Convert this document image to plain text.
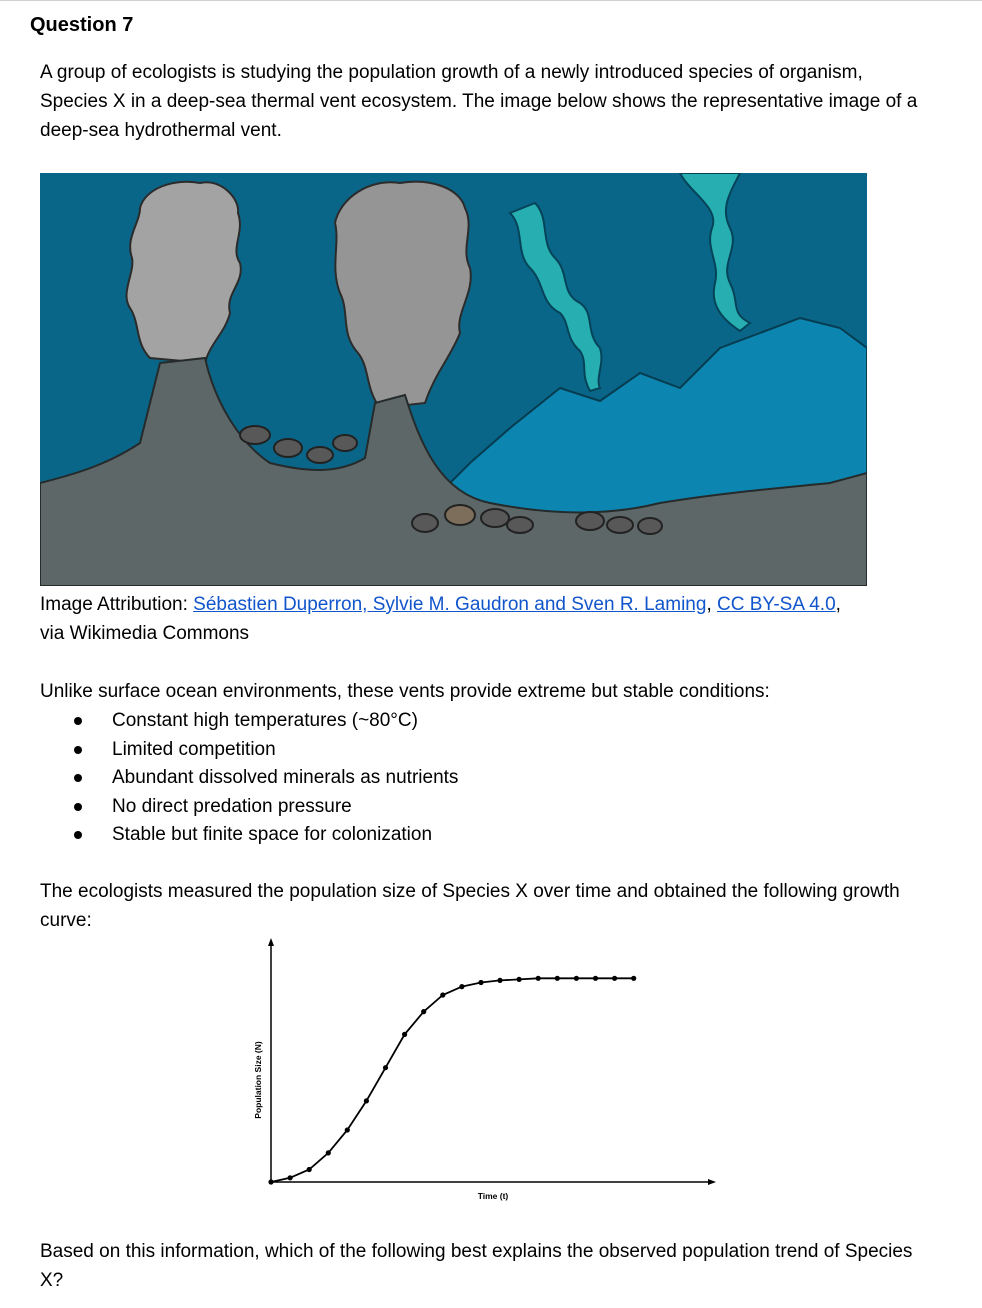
Question 7
A group of ecologists is studying the population growth of a newly introduced species of organism, Species X in a deep-sea thermal vent ecosystem. The image below shows the representative image of a deep-sea hydrothermal vent.
Image Attribution: Sébastien Duperron, Sylvie M. Gaudron and Sven R. Laming, CC BY-SA 4.0,
via Wikimedia Commons
Unlike surface ocean environments, these vents provide extreme but stable conditions:
Constant high temperatures (~80°C)
Limited competition
Abundant dissolved minerals as nutrients
No direct predation pressure
Stable but finite space for colonization
The ecologists measured the population size of Species X over time and obtained the following growth curve:
Time (t)
Population Size (N)
Based on this information, which of the following best explains the observed population trend of Species X?
